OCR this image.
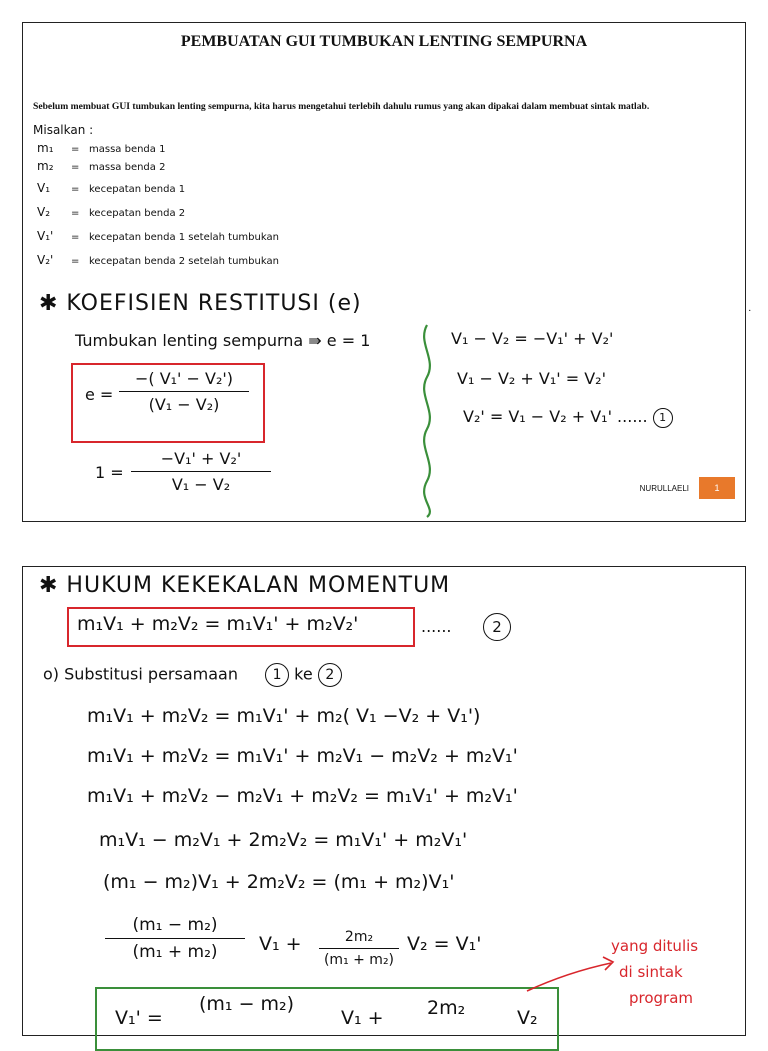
PEMBUATAN GUI TUMBUKAN LENTING SEMPURNA
Sebelum membuat GUI tumbukan lenting sempurna, kita harus mengetahui terlebih dahulu rumus yang akan dipakai dalam membuat sintak matlab.
Misalkan :
m₁ = massa benda 1
m₂ = massa benda 2
V₁ = kecepatan benda 1
V₂ = kecepatan benda 2
V₁' = kecepatan benda 1 setelah tumbukan
V₂' = kecepatan benda 2 setelah tumbukan
✱ KOEFISIEN RESTITUSI (e)
Tumbukan lenting sempurna ⇛ e = 1
e =
−( V₁' − V₂')
(V₁ − V₂)
1 =
−V₁' + V₂'
V₁ − V₂
V₁ − V₂ = −V₁' + V₂'
V₁ − V₂ + V₁' = V₂'
V₂' = V₁ − V₂ + V₁' ...... 1
.
NURULLAELI	1
✱ HUKUM KEKEKALAN MOMENTUM
m₁V₁ + m₂V₂ = m₁V₁' + m₂V₂'	......	2
o) Substitusi persamaan 1 ke 2
m₁V₁ + m₂V₂ = m₁V₁' + m₂( V₁ −V₂ + V₁')
m₁V₁ + m₂V₂ = m₁V₁' + m₂V₁ − m₂V₂ + m₂V₁'
m₁V₁ + m₂V₂ − m₂V₁ + m₂V₂ = m₁V₁' + m₂V₁'
m₁V₁ − m₂V₁ + 2m₂V₂ = m₁V₁' + m₂V₁'
(m₁ − m₂)V₁ + 2m₂V₂ = (m₁ + m₂)V₁'
(m₁ − m₂)
(m₁ + m₂)	V₁ +	2m₂
(m₁ + m₂)
V₂ = V₁'
V₁' =
(m₁ − m₂)
V₁ + 2m₂	V₂
yang ditulis
di sintak
program
